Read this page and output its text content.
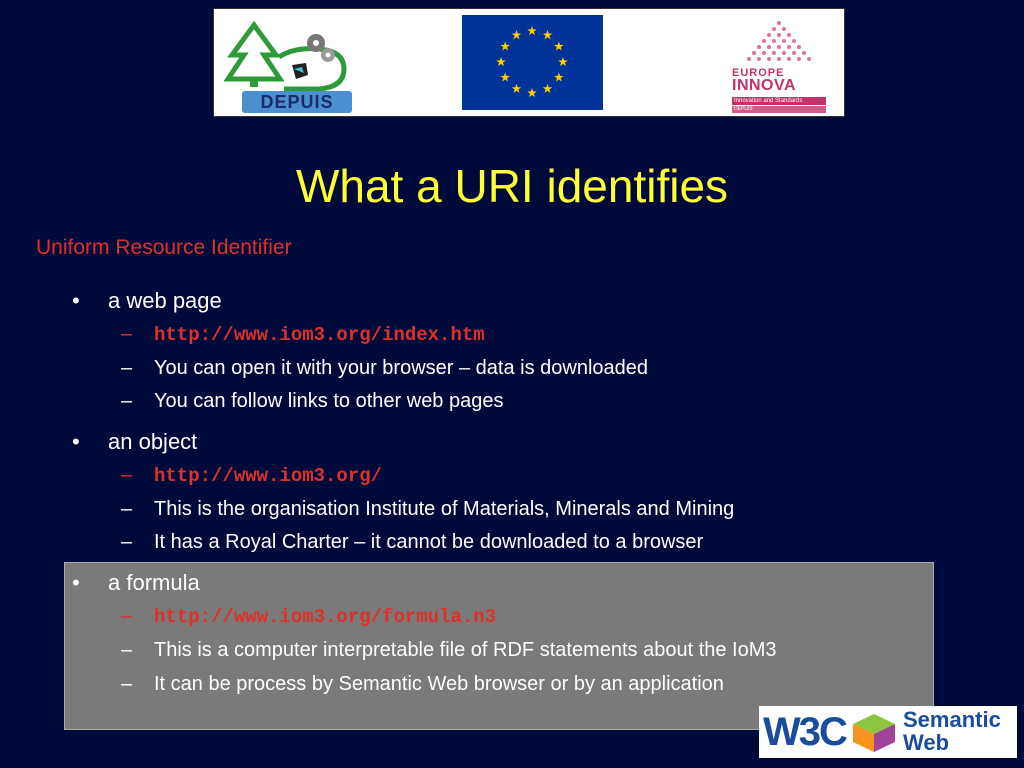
DEPUIS
EUROPE
INNOVA
Innovation and Standards
DEPUIS
What a URI identifies
Uniform Resource Identifier
• a web page
– http://www.iom3.org/index.htm
– You can open it with your browser – data is downloaded
– You can follow links to other web pages
• an object
– http://www.iom3.org/
– This is the organisation Institute of Materials, Minerals and Mining
– It has a Royal Charter – it cannot be downloaded to a browser
• a formula
– http://www.iom3.org/formula.n3
– This is a computer interpretable file of RDF statements about the IoM3
– It can be process by Semantic Web browser or by an application
W3C	Semantic
Web
